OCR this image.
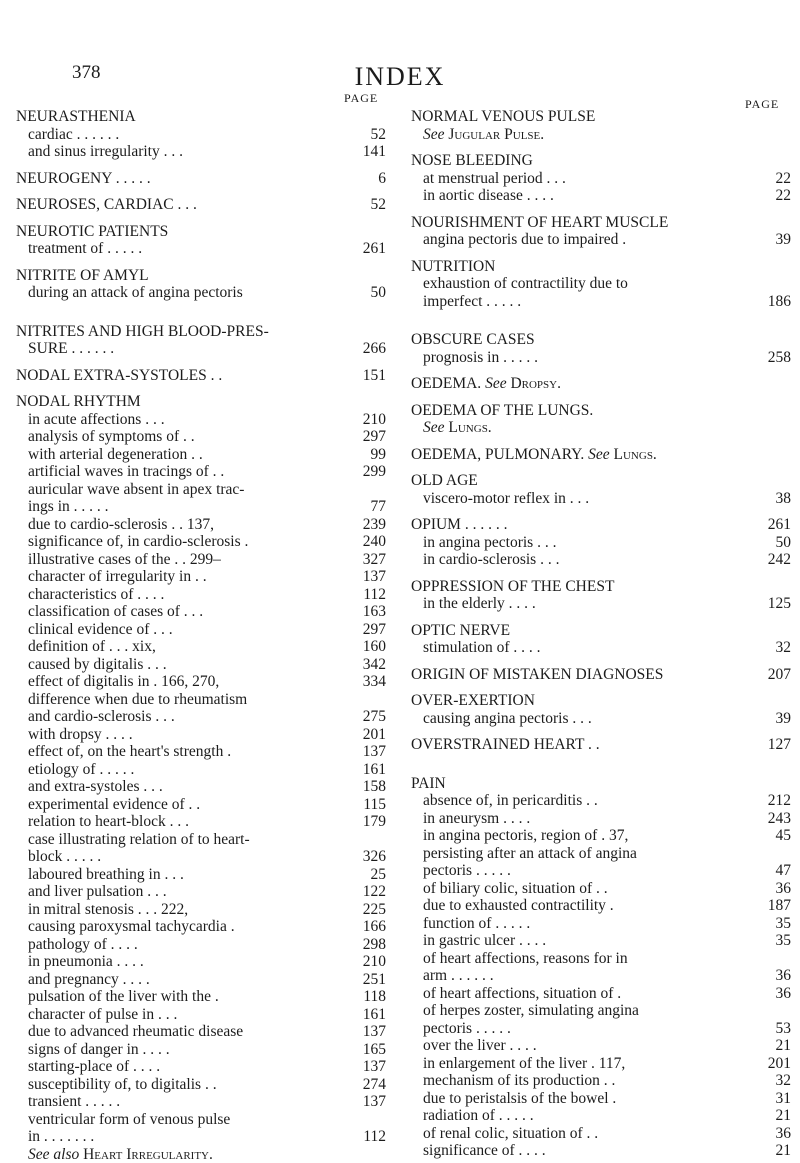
378	INDEX
PAGE	PAGE
NEURASTHENIA
cardiac . . . . . .	52
and sinus irregularity . . .	141
NEUROGENY . . . . .	6
NEUROSES, CARDIAC . . .	52
NEUROTIC PATIENTS
treatment of . . . . .	261
NITRITE OF AMYL
during an attack of angina pectoris	50
NITRITES AND HIGH BLOOD-PRES-
SURE . . . . . .	266
NODAL EXTRA-SYSTOLES . .	151
NODAL RHYTHM
in acute affections . . .	210
analysis of symptoms of . .	297
with arterial degeneration . .	99
artificial waves in tracings of . .	299
auricular wave absent in apex trac-
ings in . . . . .	77
due to cardio-sclerosis . . 137,	239
significance of, in cardio-sclerosis .	240
illustrative cases of the . . 299–	327
character of irregularity in . .	137
characteristics of . . . .	112
classification of cases of . . .	163
clinical evidence of . . .	297
definition of . . . xix,	160
caused by digitalis . . .	342
effect of digitalis in . 166, 270,	334
difference when due to rheumatism
and cardio-sclerosis . . .	275
with dropsy . . . .	201
effect of, on the heart's strength .	137
etiology of . . . . .	161
and extra-systoles . . .	158
experimental evidence of . .	115
relation to heart-block . . .	179
case illustrating relation of to heart-
block . . . . .	326
laboured breathing in . . .	25
and liver pulsation . . .	122
in mitral stenosis . . . 222,	225
causing paroxysmal tachycardia .	166
pathology of . . . .	298
in pneumonia . . . .	210
and pregnancy . . . .	251
pulsation of the liver with the .	118
character of pulse in . . .	161
due to advanced rheumatic disease	137
signs of danger in . . . .	165
starting-place of . . . .	137
susceptibility of, to digitalis . .	274
transient . . . . .	137
ventricular form of venous pulse
in . . . . . . .	112
See also Heart Irregularity.
NORMAL VENOUS PULSE
See Jugular Pulse.
NOSE BLEEDING
at menstrual period . . .	22
in aortic disease . . . .	22
NOURISHMENT OF HEART MUSCLE
angina pectoris due to impaired .	39
NUTRITION
exhaustion of contractility due to
imperfect . . . . .	186
OBSCURE CASES
prognosis in . . . . .	258
OEDEMA. See Dropsy.
OEDEMA OF THE LUNGS.
See Lungs.
OEDEMA, PULMONARY. See Lungs.
OLD AGE
viscero-motor reflex in . . .	38
OPIUM . . . . . .	261
in angina pectoris . . .	50
in cardio-sclerosis . . .	242
OPPRESSION OF THE CHEST
in the elderly . . . .	125
OPTIC NERVE
stimulation of . . . .	32
ORIGIN OF MISTAKEN DIAGNOSES	207
OVER-EXERTION
causing angina pectoris . . .	39
OVERSTRAINED HEART . .	127
PAIN
absence of, in pericarditis . .	212
in aneurysm . . . .	243
in angina pectoris, region of . 37,	45
persisting after an attack of angina
pectoris . . . . .	47
of biliary colic, situation of . .	36
due to exhausted contractility .	187
function of . . . . .	35
in gastric ulcer . . . .	35
of heart affections, reasons for in
arm . . . . . .	36
of heart affections, situation of .	36
of herpes zoster, simulating angina
pectoris . . . . .	53
over the liver . . . .	21
in enlargement of the liver . 117,	201
mechanism of its production . .	32
due to peristalsis of the bowel .	31
radiation of . . . . .	21
of renal colic, situation of . .	36
significance of . . . .	21
